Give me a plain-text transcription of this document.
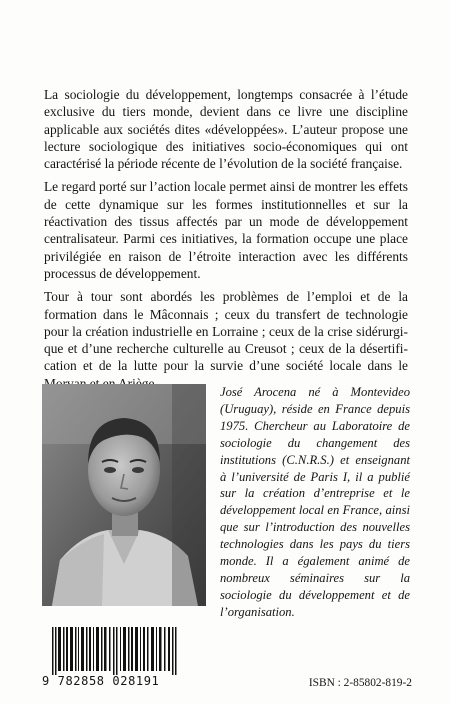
La sociologie du développement, longtemps consacrée à l’étude exclusive du tiers monde, devient dans ce livre une discipline applicable aux sociétés dites «développées». L’auteur propose une lecture sociologique des initiatives socio-économiques qui ont caractérisé la période récente de l’évolution de la société française.

Le regard porté sur l’action locale permet ainsi de montrer les effets de cette dynamique sur les formes institutionnelles et sur la réactivation des tissus affectés par un mode de développement centralisateur. Parmi ces initiatives, la formation occupe une place privilégiée en raison de l’étroite interaction avec les différents processus de développement.

Tour à tour sont abordés les problèmes de l’emploi et de la formation dans le Mâconnais ; ceux du transfert de technologie pour la création industrielle en Lorraine ; ceux de la crise sidérurgique et d’une recherche culturelle au Creusot ; ceux de la désertification et de la lutte pour la survie d’une société locale dans le

José Arocena né à Montevideo (Uruguay), réside en France depuis 1975. Chercheur au Laboratoire de sociologie du changement des institutions (C.N.R.S.) et enseignant à l’université de Paris I, il a publié sur la création d’entreprise et le développement local en France, ainsi que sur l’introduction des nouvelles technologies dans les pays du tiers monde. Il a également animé de nombreux séminaires sur la sociologie du développement et de l’organisation.
9 782858 028191	ISBN : 2-85802-819-2
